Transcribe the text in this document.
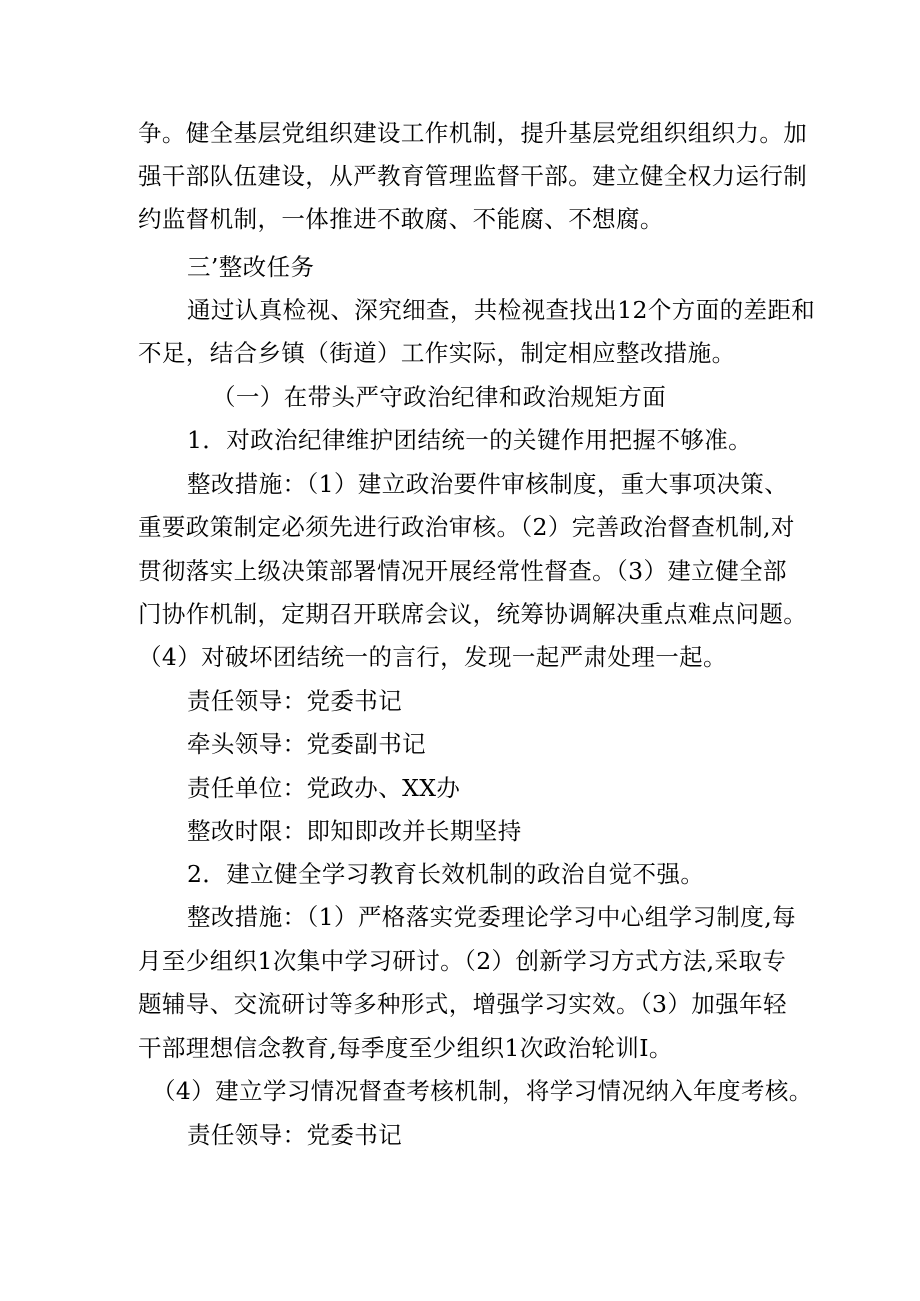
争。健全基层党组织建设工作机制，提升基层党组织组织力。加
强干部队伍建设，从严教育管理监督干部。建立健全权力运行制
约监督机制，一体推进不敢腐、不能腐、不想腐。
三’整改任务
通过认真检视、深究细查，共检视查找出12个方面的差距和
不足，结合乡镇（街道）工作实际，制定相应整改措施。
（一）在带头严守政治纪律和政治规矩方面
1．对政治纪律维护团结统一的关键作用把握不够准。
整改措施：（1）建立政治要件审核制度，重大事项决策、
重要政策制定必须先进行政治审核。（2）完善政治督查机制,对
贯彻落实上级决策部署情况开展经常性督查。（3）建立健全部
门协作机制，定期召开联席会议，统筹协调解决重点难点问题。
（4）对破坏团结统一的言行，发现一起严肃处理一起。
责任领导：党委书记
牵头领导：党委副书记
责任单位：党政办、XX办
整改时限：即知即改并长期坚持
2．建立健全学习教育长效机制的政治自觉不强。
整改措施：（1）严格落实党委理论学习中心组学习制度,每
月至少组织1次集中学习研讨。（2）创新学习方式方法,采取专
题辅导、交流研讨等多种形式，增强学习实效。（3）加强年轻
干部理想信念教育,每季度至少组织1次政治轮训I。
（4）建立学习情况督查考核机制，将学习情况纳入年度考核。
责任领导：党委书记
